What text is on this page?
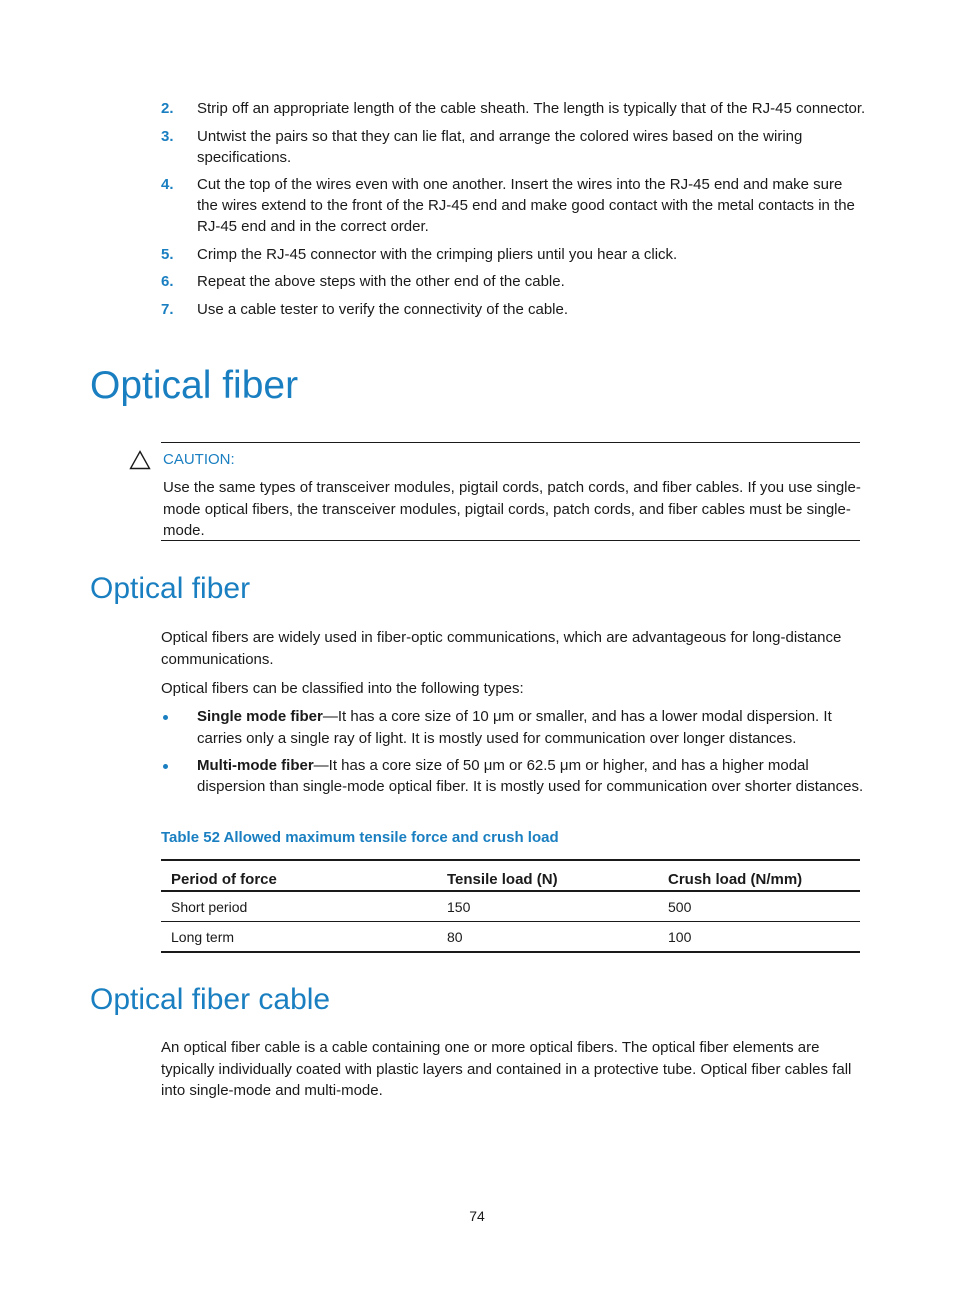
2. Strip off an appropriate length of the cable sheath. The length is typically that of the RJ-45 connector.
3. Untwist the pairs so that they can lie flat, and arrange the colored wires based on the wiring specifications.
4. Cut the top of the wires even with one another. Insert the wires into the RJ-45 end and make sure the wires extend to the front of the RJ-45 end and make good contact with the metal contacts in the RJ-45 end and in the correct order.
5. Crimp the RJ-45 connector with the crimping pliers until you hear a click.
6. Repeat the above steps with the other end of the cable.
7. Use a cable tester to verify the connectivity of the cable.
Optical fiber
CAUTION:
Use the same types of transceiver modules, pigtail cords, patch cords, and fiber cables. If you use single-mode optical fibers, the transceiver modules, pigtail cords, patch cords, and fiber cables must be single-mode.
Optical fiber

Optical fibers are widely used in fiber-optic communications, which are advantageous for long-distance communications.

Optical fibers can be classified into the following types:

Single mode fiber—It has a core size of 10 μm or smaller, and has a lower modal dispersion. It carries only a single ray of light. It is mostly used for communication over longer distances.
Multi-mode fiber—It has a core size of 50 μm or 62.5 μm or higher, and has a higher modal dispersion than single-mode optical fiber. It is mostly used for communication over shorter distances.
Table 52 Allowed maximum tensile force and crush load
Period of force	Tensile load (N)	Crush load (N/mm)
Short period	150	500
Long term	80	100
Optical fiber cable

An optical fiber cable is a cable containing one or more optical fibers. The optical fiber elements are typically individually coated with plastic layers and contained in a protective tube. Optical fiber cables fall into single-mode and multi-mode.

74
